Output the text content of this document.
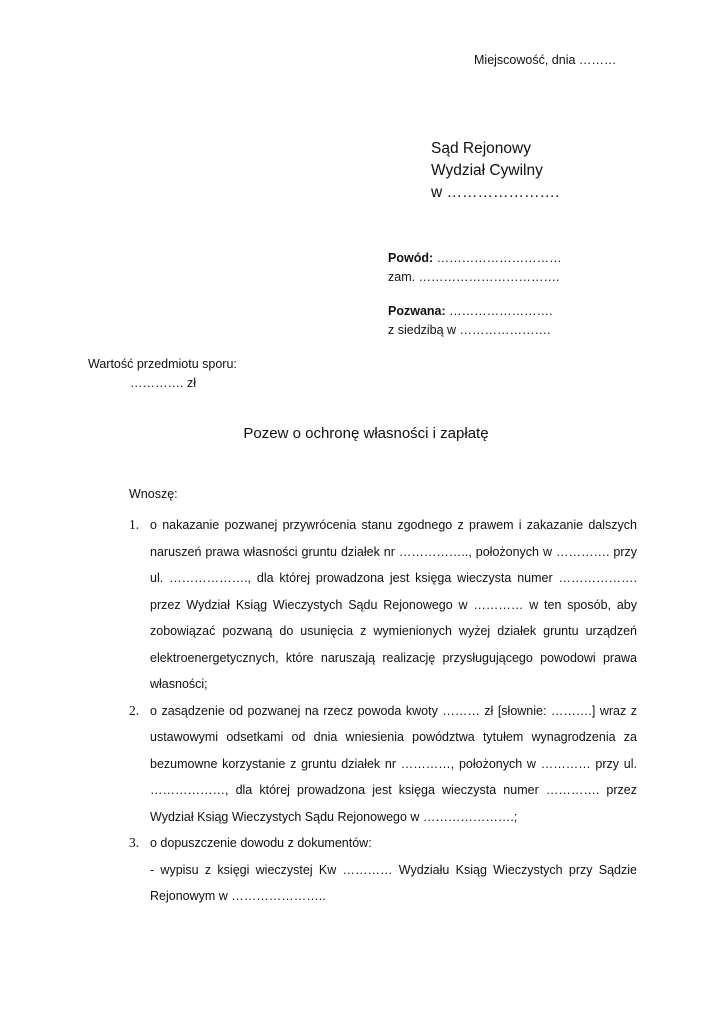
Miejscowość, dnia ………
Sąd Rejonowy
Wydział Cywilny
w ………………….
Powód: …………………………
zam. …………………………….
Pozwana: …………………….
z siedzibą w ………………….
Wartość przedmiotu sporu:
…………. zł
Pozew o ochronę własności i zapłatę
Wnoszę:
1. o nakazanie pozwanej przywrócenia stanu zgodnego z prawem i zakazanie dalszych naruszeń prawa własności gruntu działek nr …………….., położonych w …………. przy ul. ………………., dla której prowadzona jest księga wieczysta numer ………………. przez Wydział Ksiąg Wieczystych Sądu Rejonowego w ………… w ten sposób, aby zobowiązać pozwaną do usunięcia z wymienionych wyżej działek gruntu urządzeń elektroenergetycznych, które naruszają realizację przysługującego powodowi prawa własności;
2. o zasądzenie od pozwanej na rzecz powoda kwoty ……… zł [słownie: ……….] wraz z ustawowymi odsetkami od dnia wniesienia powództwa tytułem wynagrodzenia za bezumowne korzystanie z gruntu działek nr …………, położonych w ………… przy ul. ………………, dla której prowadzona jest księga wieczysta numer …………. przez Wydział Ksiąg Wieczystych Sądu Rejonowego w ………………….;
3. o dopuszczenie dowodu z dokumentów:
- wypisu z księgi wieczystej Kw ………… Wydziału Ksiąg Wieczystych przy Sądzie Rejonowym w …………………..
